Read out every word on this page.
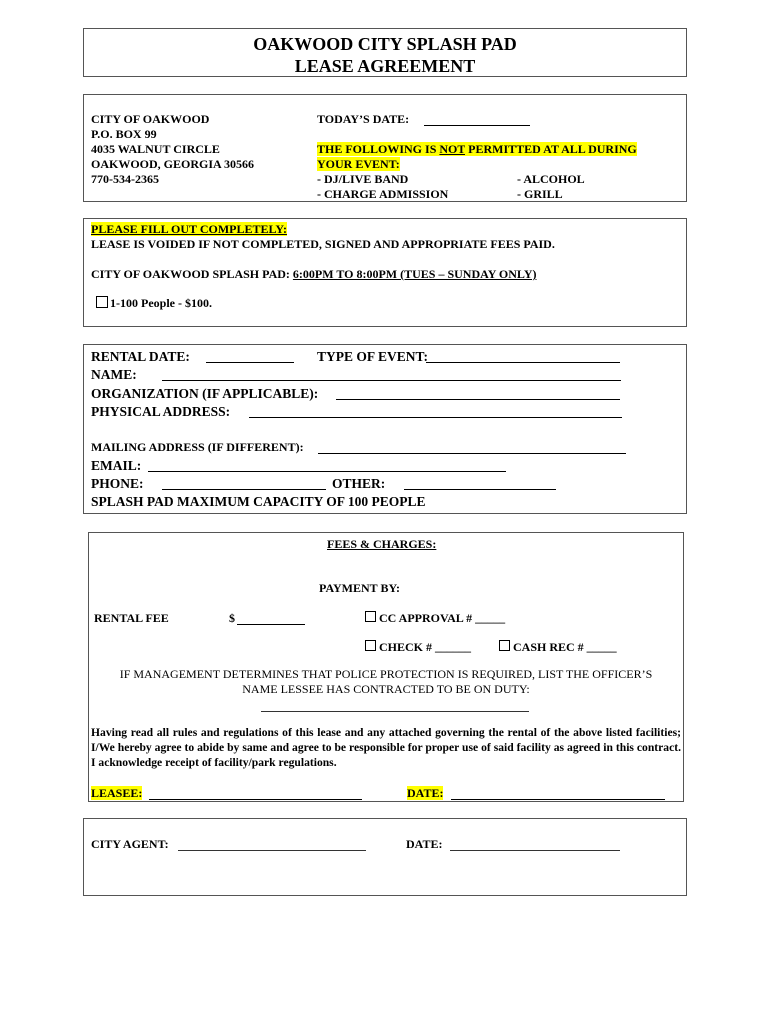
OAKWOOD CITY SPLASH PAD
LEASE AGREEMENT
CITY OF OAKWOOD
P.O. BOX 99
4035 WALNUT CIRCLE
OAKWOOD, GEORGIA 30566
770-534-2365
TODAY’S DATE:
THE FOLLOWING IS NOT PERMITTED AT ALL DURING
YOUR EVENT:
- DJ/LIVE BAND	- ALCOHOL
- CHARGE ADMISSION	- GRILL
PLEASE FILL OUT COMPLETELY:
LEASE IS VOIDED IF NOT COMPLETED, SIGNED AND APPROPRIATE FEES PAID.
CITY OF OAKWOOD SPLASH PAD: 6:00PM TO 8:00PM (TUES – SUNDAY ONLY)
1-100 People - $100.
RENTAL DATE:	TYPE OF EVENT:
NAME:
ORGANIZATION (IF APPLICABLE):
PHYSICAL ADDRESS:
MAILING ADDRESS (IF DIFFERENT):
EMAIL:
PHONE:	OTHER:
SPLASH PAD MAXIMUM CAPACITY OF 100 PEOPLE
FEES & CHARGES:
PAYMENT BY:
RENTAL FEE	$	CC APPROVAL # _____
CHECK # ______	CASH REC # _____
IF MANAGEMENT DETERMINES THAT POLICE PROTECTION IS REQUIRED, LIST THE OFFICER’S
NAME LESSEE HAS CONTRACTED TO BE ON DUTY:
Having read all rules and regulations of this lease and any attached governing the rental of the above listed facilities; I/We hereby agree to abide by same and agree to be responsible for proper use of said facility as agreed in this contract. I acknowledge receipt of facility/park regulations.
LEASEE:	DATE:
CITY AGENT:	DATE:
